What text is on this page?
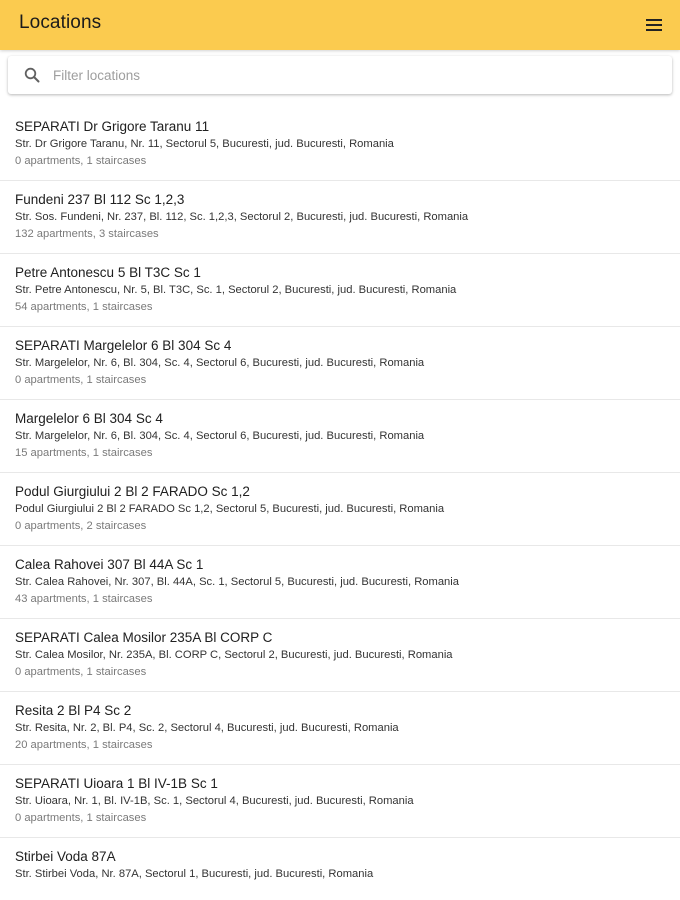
Locations
Filter locations
SEPARATI Dr Grigore Taranu 11
Str. Dr Grigore Taranu, Nr. 11, Sectorul 5, Bucuresti, jud. Bucuresti, Romania
0 apartments, 1 staircases
Fundeni 237 Bl 112 Sc 1,2,3
Str. Sos. Fundeni, Nr. 237, Bl. 112, Sc. 1,2,3, Sectorul 2, Bucuresti, jud. Bucuresti, Romania
132 apartments, 3 staircases
Petre Antonescu 5 Bl T3C Sc 1
Str. Petre Antonescu, Nr. 5, Bl. T3C, Sc. 1, Sectorul 2, Bucuresti, jud. Bucuresti, Romania
54 apartments, 1 staircases
SEPARATI Margelelor 6 Bl 304 Sc 4
Str. Margelelor, Nr. 6, Bl. 304, Sc. 4, Sectorul 6, Bucuresti, jud. Bucuresti, Romania
0 apartments, 1 staircases
Margelelor 6 Bl 304 Sc 4
Str. Margelelor, Nr. 6, Bl. 304, Sc. 4, Sectorul 6, Bucuresti, jud. Bucuresti, Romania
15 apartments, 1 staircases
Podul Giurgiului 2 Bl 2 FARADO Sc 1,2
Podul Giurgiului 2 Bl 2 FARADO Sc 1,2, Sectorul 5, Bucuresti, jud. Bucuresti, Romania
0 apartments, 2 staircases
Calea Rahovei 307 Bl 44A Sc 1
Str. Calea Rahovei, Nr. 307, Bl. 44A, Sc. 1, Sectorul 5, Bucuresti, jud. Bucuresti, Romania
43 apartments, 1 staircases
SEPARATI Calea Mosilor 235A Bl CORP C
Str. Calea Mosilor, Nr. 235A, Bl. CORP C, Sectorul 2, Bucuresti, jud. Bucuresti, Romania
0 apartments, 1 staircases
Resita 2 Bl P4 Sc 2
Str. Resita, Nr. 2, Bl. P4, Sc. 2, Sectorul 4, Bucuresti, jud. Bucuresti, Romania
20 apartments, 1 staircases
SEPARATI Uioara 1 Bl IV-1B Sc 1
Str. Uioara, Nr. 1, Bl. IV-1B, Sc. 1, Sectorul 4, Bucuresti, jud. Bucuresti, Romania
0 apartments, 1 staircases
Stirbei Voda 87A
Str. Stirbei Voda, Nr. 87A, Sectorul 1, Bucuresti, jud. Bucuresti, Romania
